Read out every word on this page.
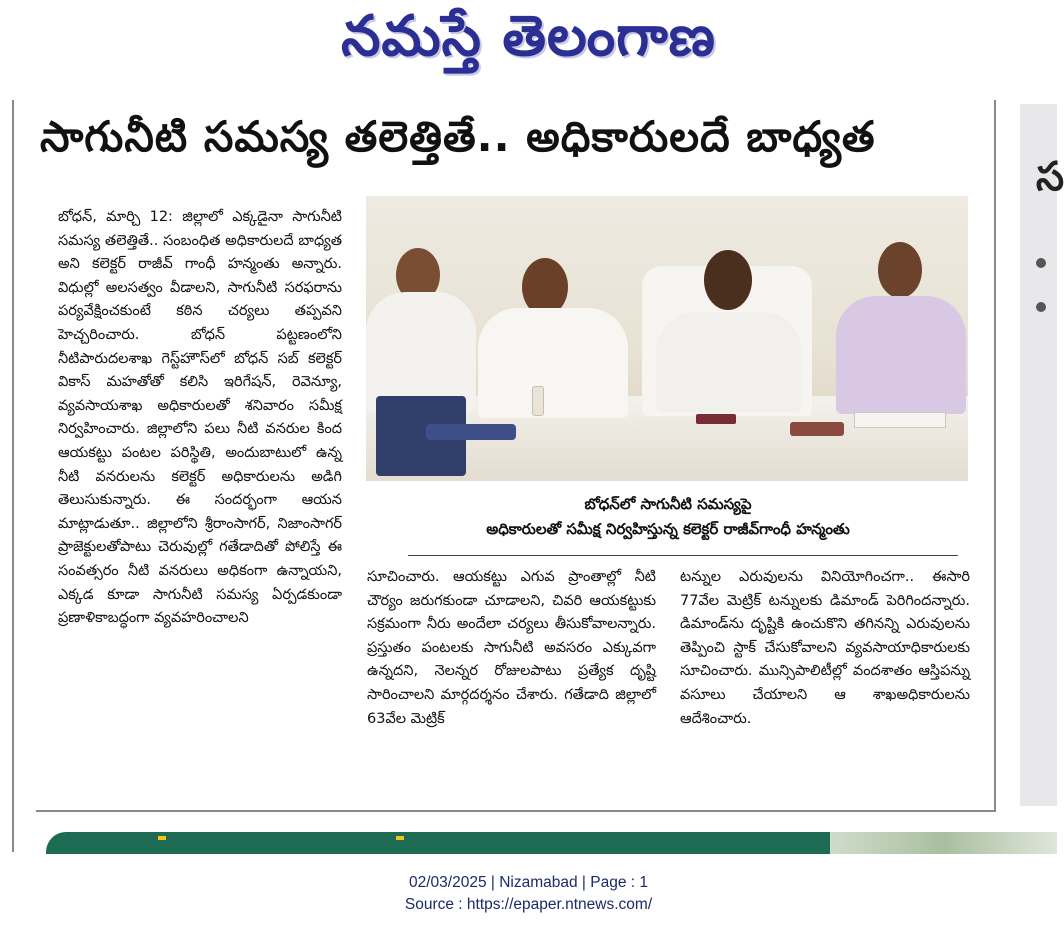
నమస్తే తెలంగాణ
సాగునీటి సమస్య తలెత్తితే.. అధికారులదే బాధ్యత
బోధన్, మార్చి 12: జిల్లాలో ఎక్కడైనా సాగునీటి సమస్య తలెత్తితే.. సంబంధిత అధికారులదే బాధ్యత అని కలెక్టర్ రాజీవ్ గాంధీ హన్మంతు అన్నారు. విధుల్లో అలసత్వం వీడాలని, సాగునీటి సరఫరాను పర్యవేక్షించకుంటే కఠిన చర్యలు తప్పవని హెచ్చరించారు. బోధన్ పట్టణంలోని నీటిపారుదలశాఖ గెస్ట్‌హౌస్‌లో బోధన్ సబ్ కలెక్టర్ వికాస్ మహతోతో కలిసి ఇరిగేషన్, రెవెన్యూ, వ్యవసాయశాఖ అధికారులతో శనివారం సమీక్ష నిర్వహించారు. జిల్లాలోని పలు నీటి వనరుల కింద ఆయకట్టు పంటల పరిస్థితి, అందుబాటులో ఉన్న నీటి వనరులను కలెక్టర్ అధికారులను అడిగి తెలుసుకున్నారు. ఈ సందర్భంగా ఆయన మాట్లాడుతూ.. జిల్లాలోని శ్రీరాంసాగర్, నిజాంసాగర్ ప్రాజెక్టులతోపాటు చెరువుల్లో గతేడాదితో పోలిస్తే ఈ సంవత్సరం నీటి వనరులు అధికంగా ఉన్నాయని, ఎక్కడ కూడా సాగునీటి సమస్య ఏర్పడకుండా ప్రణాళికాబద్ధంగా వ్యవహరించాలని
బోధన్‌లో సాగునీటి సమస్యపై
అధికారులతో సమీక్ష నిర్వహిస్తున్న కలెక్టర్ రాజీవ్‌గాంధీ హన్మంతు
సూచించారు. ఆయకట్టు ఎగువ ప్రాంతాల్లో నీటి చౌర్యం జరుగకుండా చూడాలని, చివరి ఆయకట్టుకు సక్రమంగా నీరు అందేలా చర్యలు తీసుకోవాలన్నారు. ప్రస్తుతం పంటలకు సాగునీటి అవసరం ఎక్కువగా ఉన్నదని, నెలన్నర రోజులపాటు ప్రత్యేక దృష్టి సారించాలని మార్గదర్శనం చేశారు. గతేడాది జిల్లాలో 63వేల మెట్రిక్
టన్నుల ఎరువులను వినియోగించగా.. ఈసారి 77వేల మెట్రిక్ టన్నులకు డిమాండ్ పెరిగిందన్నారు. డిమాండ్‌ను దృష్టికి ఉంచుకొని తగినన్ని ఎరువులను తెప్పించి స్టాక్ చేసుకోవాలని వ్యవసాయాధికారులకు సూచించారు. మున్సిపాలిటీల్లో వందశాతం ఆస్తిపన్ను వసూలు చేయాలని ఆ శాఖఅధికారులను ఆదేశించారు.
స
02/03/2025 | Nizamabad | Page : 1
Source : https://epaper.ntnews.com/
